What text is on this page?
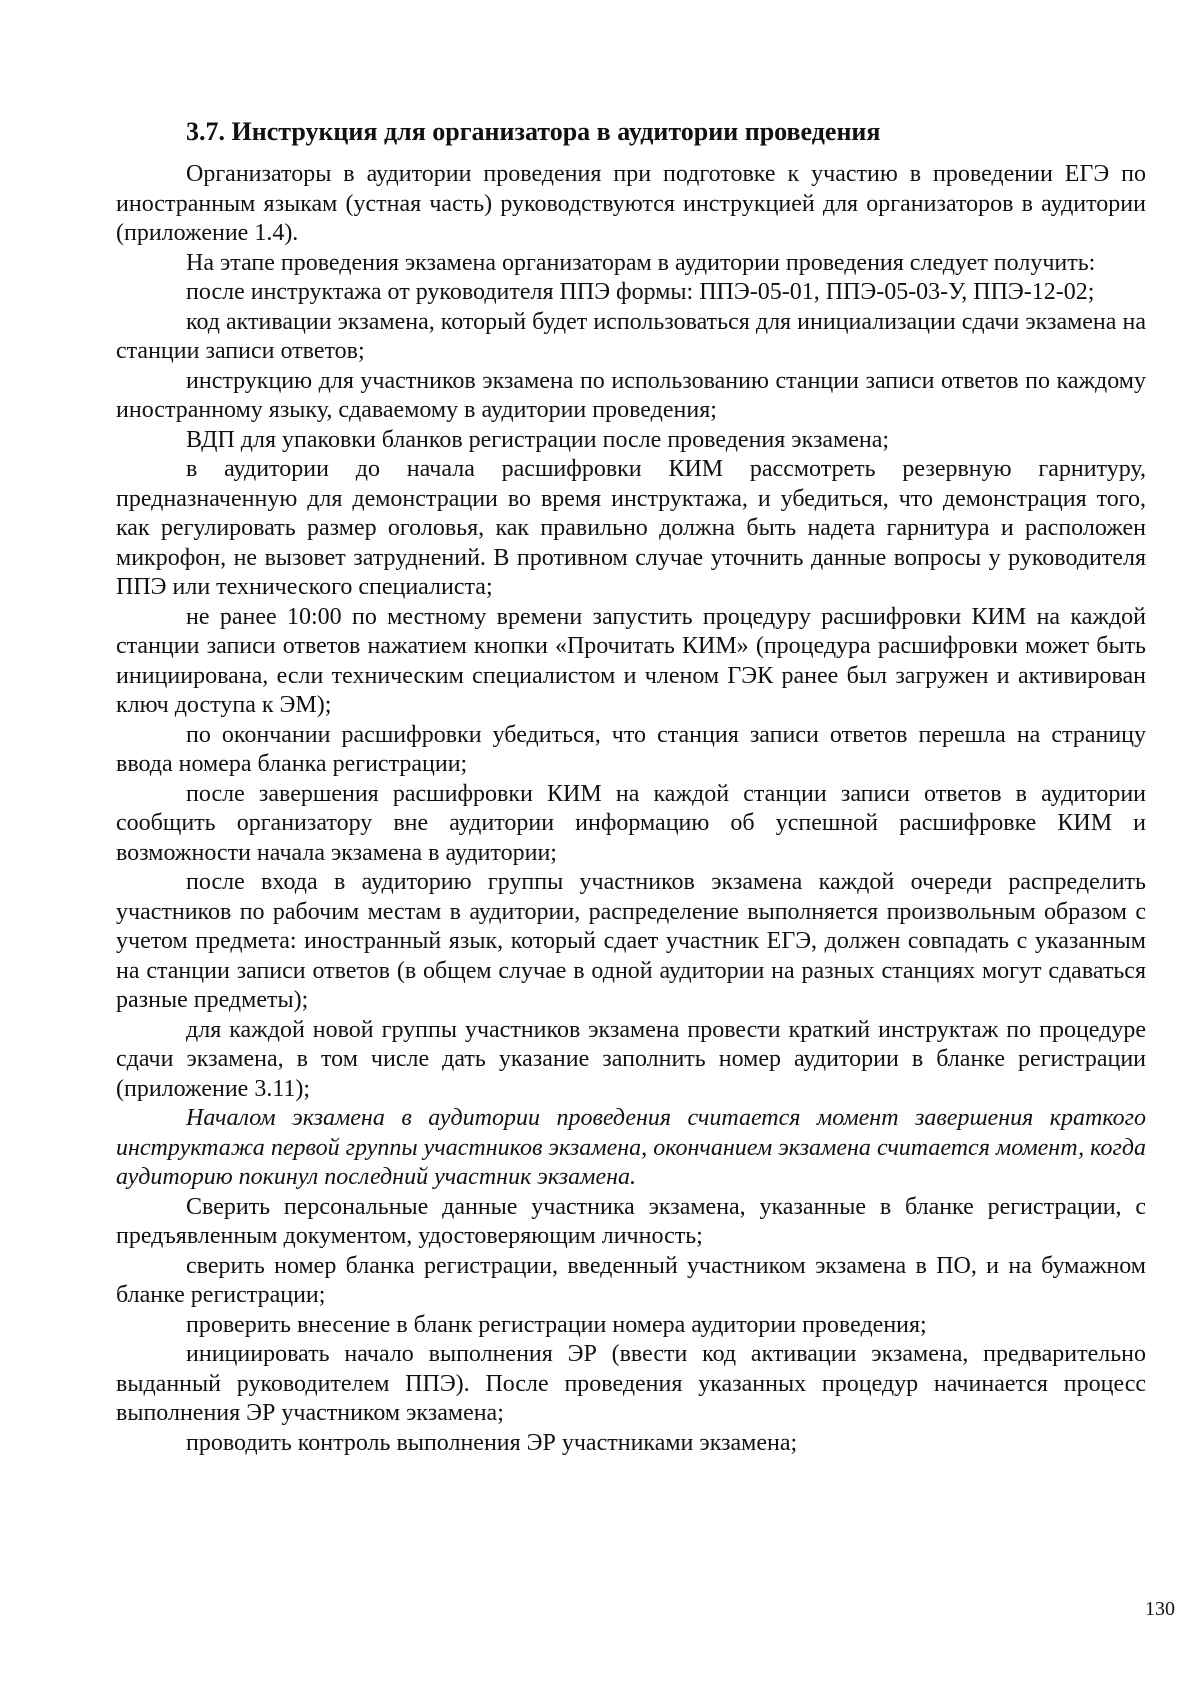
3.7. Инструкция для организатора в аудитории проведения

Организаторы в аудитории проведения при подготовке к участию в проведении ЕГЭ по иностранным языкам (устная часть) руководствуются инструкцией для организаторов в аудитории (приложение 1.4).

На этапе проведения экзамена организаторам в аудитории проведения следует получить:

после инструктажа от руководителя ППЭ формы: ППЭ-05-01, ППЭ-05-03-У, ППЭ-12-02;

код активации экзамена, который будет использоваться для инициализации сдачи экзамена на станции записи ответов;

инструкцию для участников экзамена по использованию станции записи ответов по каждому иностранному языку, сдаваемому в аудитории проведения;

ВДП для упаковки бланков регистрации после проведения экзамена;

в аудитории до начала расшифровки КИМ рассмотреть резервную гарнитуру, предназначенную для демонстрации во время инструктажа, и убедиться, что демонстрация того, как регулировать размер оголовья, как правильно должна быть надета гарнитура и расположен микрофон, не вызовет затруднений. В противном случае уточнить данные вопросы у руководителя ППЭ или технического специалиста;

не ранее 10:00 по местному времени запустить процедуру расшифровки КИМ на каждой станции записи ответов нажатием кнопки «Прочитать КИМ» (процедура расшифровки может быть инициирована, если техническим специалистом и членом ГЭК ранее был загружен и активирован ключ доступа к ЭМ);

по окончании расшифровки убедиться, что станция записи ответов перешла на страницу ввода номера бланка регистрации;

после завершения расшифровки КИМ на каждой станции записи ответов в аудитории сообщить организатору вне аудитории информацию об успешной расшифровке КИМ и возможности начала экзамена в аудитории;

после входа в аудиторию группы участников экзамена каждой очереди распределить участников по рабочим местам в аудитории, распределение выполняется произвольным образом с учетом предмета: иностранный язык, который сдает участник ЕГЭ, должен совпадать с указанным на станции записи ответов (в общем случае в одной аудитории на разных станциях могут сдаваться разные предметы);

для каждой новой группы участников экзамена провести краткий инструктаж по процедуре сдачи экзамена, в том числе дать указание заполнить номер аудитории в бланке регистрации (приложение 3.11);

Началом экзамена в аудитории проведения считается момент завершения краткого инструктажа первой группы участников экзамена, окончанием экзамена считается момент, когда аудиторию покинул последний участник экзамена.

Сверить персональные данные участника экзамена, указанные в бланке регистрации, с предъявленным документом, удостоверяющим личность;

сверить номер бланка регистрации, введенный участником экзамена в ПО, и на бумажном бланке регистрации;

проверить внесение в бланк регистрации номера аудитории проведения;

инициировать начало выполнения ЭР (ввести код активации экзамена, предварительно выданный руководителем ППЭ). После проведения указанных процедур начинается процесс выполнения ЭР участником экзамена;

проводить контроль выполнения ЭР участниками экзамена;

130
